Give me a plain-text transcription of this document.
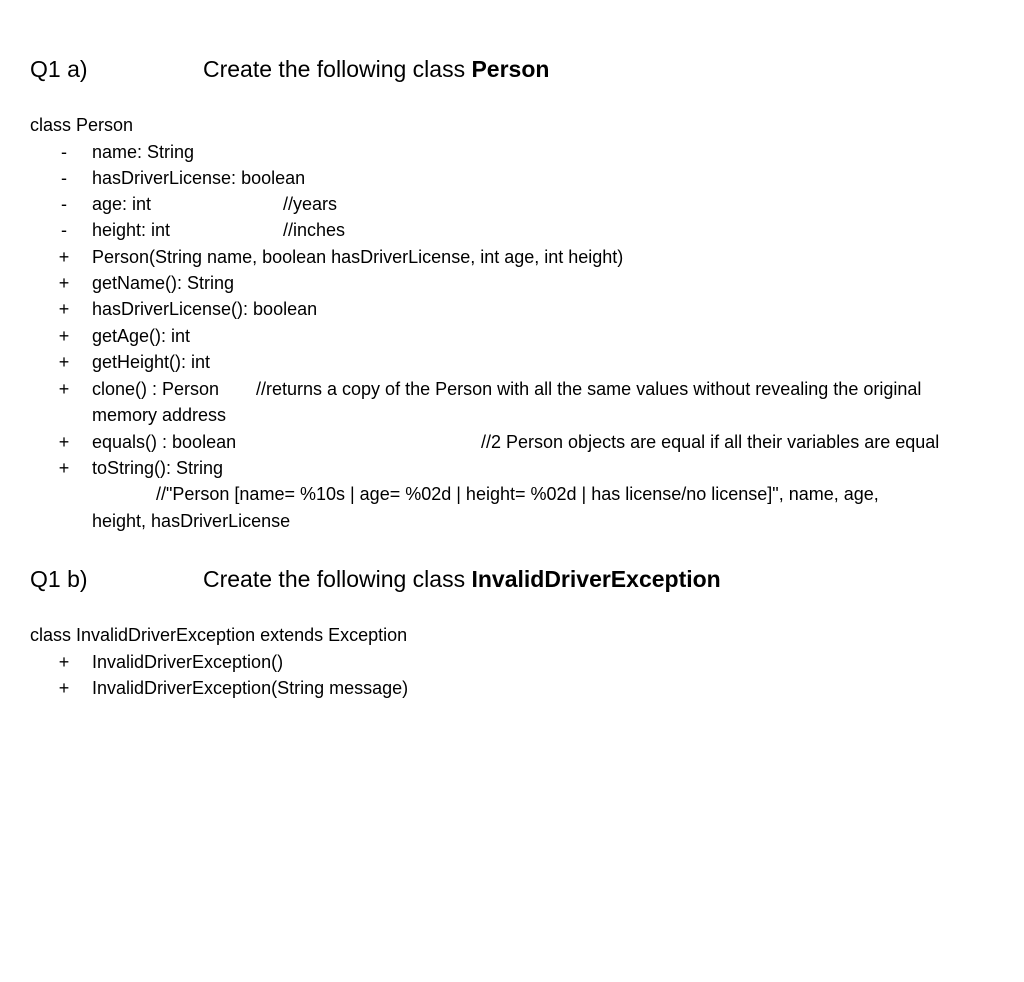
Q1 a)	Create the following class Person
class Person
-	name: String
-	hasDriverLicense: boolean
-	age: int	//years
-	height: int	//inches
+ Person(String name, boolean hasDriverLicense, int age, int height)
+ getName(): String
+ hasDriverLicense(): boolean
+ getAge(): int
+ getHeight(): int
+ clone() : Person //returns a copy of the Person with all the same values without revealing the original
memory address
+ equals() : boolean	//2 Person objects are equal if all their variables are equal
+ toString(): String
//"Person [name= %10s | age= %02d | height= %02d | has license/no license]", name, age,
height, hasDriverLicense
Q1 b)	Create the following class InvalidDriverException
class InvalidDriverException extends Exception
+ InvalidDriverException()
+ InvalidDriverException(String message)
